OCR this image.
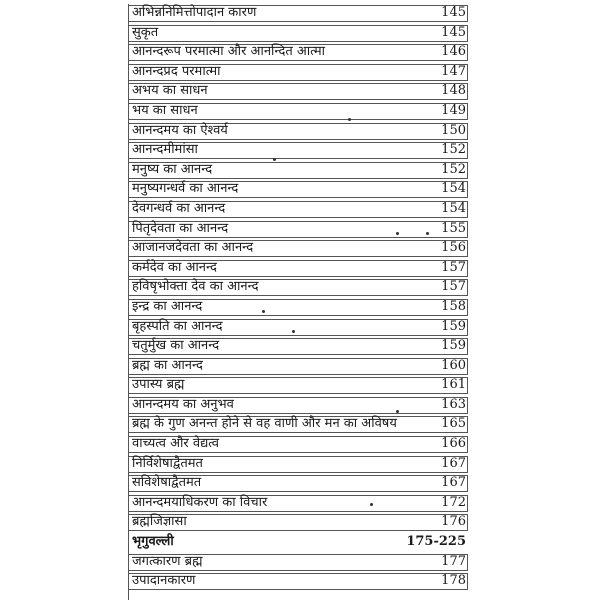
अभिन्ननिमित्तोपादान कारण	145
सुकृत	145
आनन्दरूप परमात्मा और आनन्दित आत्मा	146
आनन्दप्रद परमात्मा	147
अभय का साधन	148
भय का साधन	149
आनन्दमय का ऐश्वर्य	150
आनन्दमीमांसा	152
मनुष्य का आनन्द	152
मनुष्यगन्धर्व का आनन्द	154
देवगन्धर्व का आनन्द	154
पितृदेवता का आनन्द	155
आजानजदेवता का आनन्द	156
कर्मदेव का आनन्द	157
हविषृभोक्ता देव का आनन्द	157
इन्द्र का आनन्द	158
बृहस्पति का आनन्द	159
चतुर्मुख का आनन्द	159
ब्रह्म का आनन्द	160
उपास्य ब्रह्म	161
आनन्दमय का अनुभव	163
ब्रह्म के गुण अनन्त होने से वह वाणी और मन का अविषय	165
वाच्यत्व और वेद्यत्व	166
निर्विशेषाद्वैतमत	167
सविशेषाद्वैतमत	167
आनन्दमयाधिकरण का विचार	172
ब्रह्मजिज्ञासा	176
भृगुवल्ली	175-225
जगत्कारण ब्रह्म	177
उपादानकारण	178
